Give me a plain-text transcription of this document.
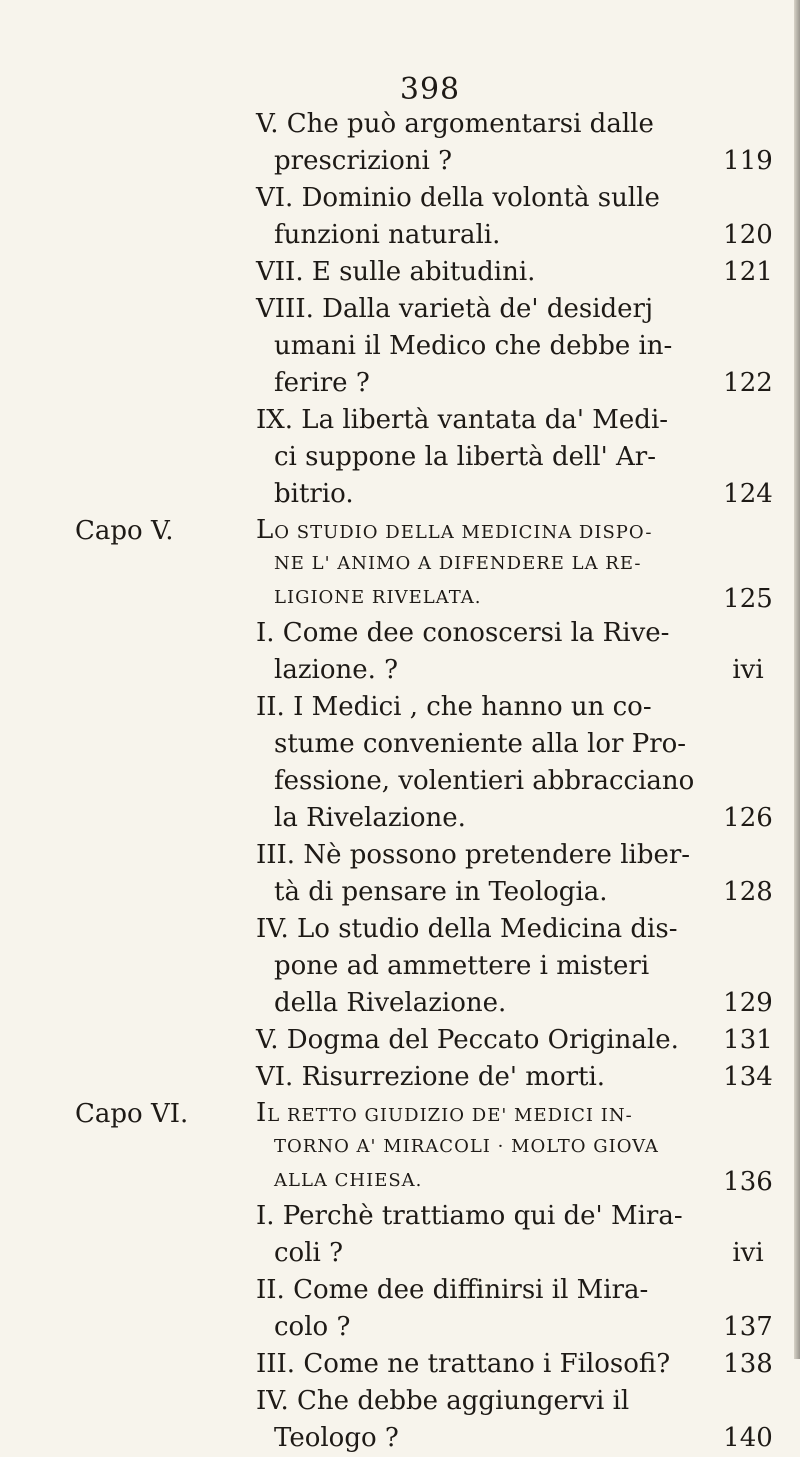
398
V. Che può argomentarsi dalle
prescrizioni ?	119
VI. Dominio della volontà sulle
funzioni naturali.	120
VII. E sulle abitudini.	121
VIII. Dalla varietà de' desiderj
umani il Medico che debbe in-
ferire ?	122
IX. La libertà vantata da' Medi-
ci suppone la libertà dell' Ar-
bitrio.	124
Capo V.	LO STUDIO DELLA MEDICINA DISPO-
NE L' ANIMO A DIFENDERE LA RE-
LIGIONE RIVELATA.	125
I. Come dee conoscersi la Rive-
lazione. ?	ivi
II. I Medici , che hanno un co-
stume conveniente alla lor Pro-
fessione, volentieri abbracciano
la Rivelazione.	126
III. Nè possono pretendere liber-
tà di pensare in Teologia.	128
IV. Lo studio della Medicina dis-
pone ad ammettere i misteri
della Rivelazione.	129
V. Dogma del Peccato Originale.	131
VI. Risurrezione de' morti.	134
Capo VI.	IL RETTO GIUDIZIO DE' MEDICI IN-
TORNO A' MIRACOLI · MOLTO GIOVA
ALLA CHIESA.	136
I. Perchè trattiamo qui de' Mira-
coli ?	ivi
II. Come dee diffinirsi il Mira-
colo ?	137
III. Come ne trattano i Filosofi?	138
IV. Che debbe aggiungervi il
Teologo ?	140
